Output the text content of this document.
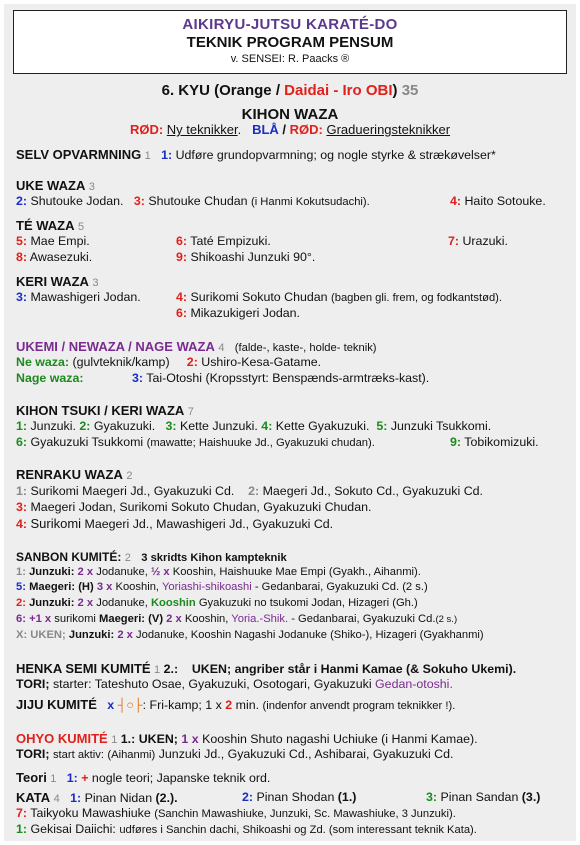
AIKIRYU-JUTSU KARATÉ-DO
TEKNIK PROGRAM PENSUM
v. SENSEI: R. Paacks ®
6. KYU (Orange / Daidai - Iro OBI) 35
KIHON WAZA
RØD: Ny teknikker. BLÅ / RØD: Gradueringsteknikker
SELV OPVARMNING 1 1: Udføre grundopvarmning; og nogle styrke & strækøvelser*
UKE WAZA 3
2: Shutouke Jodan. 3: Shutouke Chudan (i Hanmi Kokutsudachi).	4: Haito Sotouke.
TÉ WAZA 5
5: Mae Empi.	6: Taté Empizuki.	7: Urazuki.
8: Awasezuki.	9: Shikoashi Junzuki 90°.
KERI WAZA 3
3: Mawashigeri Jodan.	4: Surikomi Sokuto Chudan (bagben gli. frem, og fodkantstød).
6: Mikazukigeri Jodan.
UKEMI / NEWAZA / NAGE WAZA 4 (falde-, kaste-, holde- teknik)
Ne waza: (gulvteknik/kamp) 2: Ushiro-Kesa-Gatame.
Nage waza:	3: Tai-Otoshi (Kropsstyrt: Benspænds-armtræks-kast).
KIHON TSUKI / KERI WAZA 7
1: Junzuki. 2: Gyakuzuki. 3: Kette Junzuki. 4: Kette Gyakuzuki. 5: Junzuki Tsukkomi.
6: Gyakuzuki Tsukkomi (mawatte; Haishuuke Jd., Gyakuzuki chudan).	9: Tobikomizuki.
RENRAKU WAZA 2
1: Surikomi Maegeri Jd., Gyakuzuki Cd. 2: Maegeri Jd., Sokuto Cd., Gyakuzuki Cd.
3: Maegeri Jodan, Surikomi Sokuto Chudan, Gyakuzuki Chudan.
4: Surikomi Maegeri Jd., Mawashigeri Jd., Gyakuzuki Cd.
SANBON KUMITÉ: 2 3 skridts Kihon kampteknik
1: Junzuki: 2 x Jodanuke, ½ x Kooshin, Haishuuke Mae Empi (Gyakh., Aihanmi).
5: Maegeri: (H) 3 x Kooshin, Yoriashi-shikoashi - Gedanbarai, Gyakuzuki Cd. (2 s.)
2: Junzuki: 2 x Jodanuke, Kooshin Gyakuzuki no tsukomi Jodan, Hizageri (Gh.)
6: +1 x surikomi Maegeri: (V) 2 x Kooshin, Yoria.-Shik. - Gedanbarai, Gyakuzuki Cd.(2 s.)
X: UKEN; Junzuki: 2 x Jodanuke, Kooshin Nagashi Jodanuke (Shiko-), Hizageri (Gyakhanmi)
HENKA SEMI KUMITÉ 1 2.: UKEN; angriber står i Hanmi Kamae (& Sokuho Ukemi).
TORI; starter: Tateshuto Osae, Gyakuzuki, Osotogari, Gyakuzuki Gedan-otoshi.
JIJU KUMITÉ x ┤○├: Fri-kamp; 1 x 2 min. (indenfor anvendt program teknikker !).
OHYO KUMITÉ 1 1.: UKEN; 1 x Kooshin Shuto nagashi Uchiuke (i Hanmi Kamae).
TORI; start aktiv: (Aihanmi) Junzuki Jd., Gyakuzuki Cd., Ashibarai, Gyakuzuki Cd.
Teori 1 1: + nogle teori; Japanske teknik ord.
KATA 4 1: Pinan Nidan (2.).	2: Pinan Shodan (1.)	3: Pinan Sandan (3.)
7: Taikyoku Mawashiuke (Sanchin Mawashiuke, Junzuki, Sc. Mawashiuke, 3 Junzuki).
1: Gekisai Daiichi: udføres i Sanchin dachi, Shikoashi og Zd. (som interessant teknik Kata).
